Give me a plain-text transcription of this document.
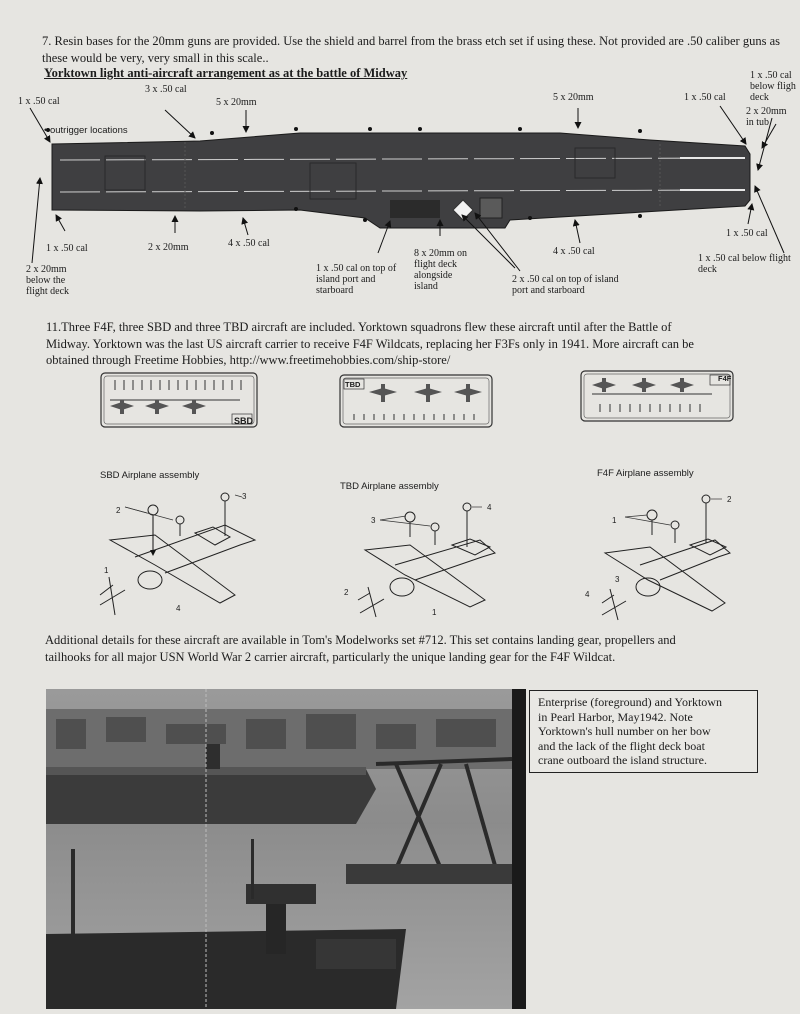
7. Resin bases for the 20mm guns are provided. Use the shield and barrel from the brass etch set if using these. Not provided are .50 caliber guns as these would be very, very small in this scale..
Yorktown light anti-aircraft arrangement as at the battle of Midway
1 x .50 cal
3 x .50 cal
5 x 20mm	5 x 20mm	1 x .50 cal
1 x .50 cal
below fligh
deck
2 x 20mm
in tub
• outrigger locations
1 x .50 cal	2 x 20mm	4 x .50 cal
2 x 20mm
below the
flight deck
1 x .50 cal on top of
island port and
starboard
8 x 20mm on
flight deck
alongside
island
2 x .50 cal on top of island
port and starboard
4 x .50 cal
1 x .50 cal
1 x .50 cal below flight
deck
11.Three F4F, three SBD and three TBD aircraft are included. Yorktown squadrons flew these aircraft until after the Battle of
Midway. Yorktown was the last US aircraft carrier to receive F4F Wildcats, replacing her F3Fs only in 1941. More aircraft can be
obtained through Freetime Hobbies, http://www.freetimehobbies.com/ship-store/
SBD
TBD
F4F
SBD Airplane assembly
TBD Airplane assembly
F4F Airplane assembly
1
2
3
4	1
2
3
4
1
2
3
4
Additional details for these aircraft are available in Tom's Modelworks set #712. This set contains landing gear, propellers and
tailhooks for all major USN World War 2 carrier aircraft, particularly the unique landing gear for the F4F Wildcat.
Enterprise (foreground) and Yorktown
in Pearl Harbor, May1942. Note
Yorktown's hull number on her bow
and the lack of the flight deck boat
crane outboard the island structure.
